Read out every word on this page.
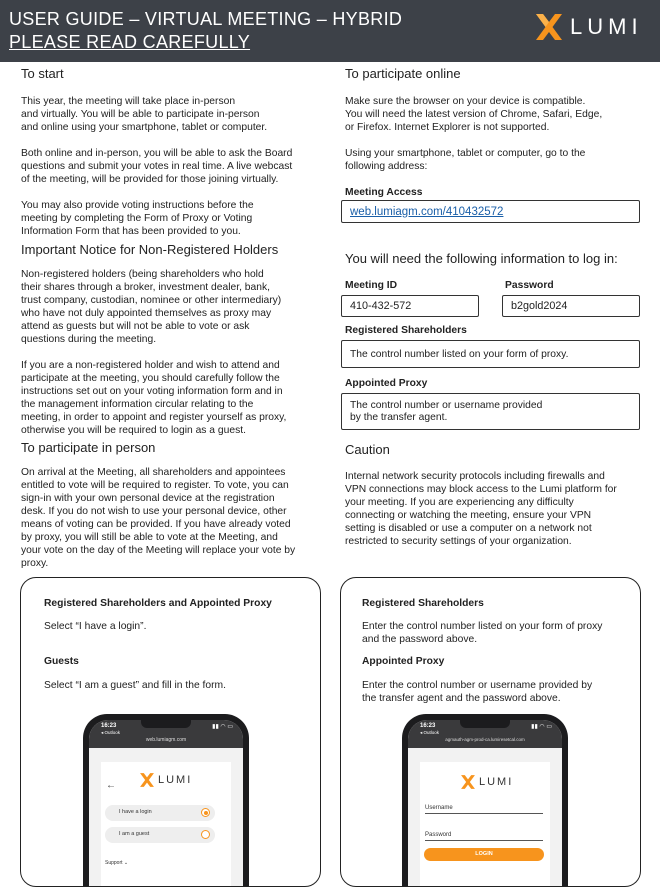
USER GUIDE – VIRTUAL MEETING – HYBRID
PLEASE READ CAREFULLY
LUMI
To start

This year, the meeting will take place in-person
and virtually. You will be able to participate in-person
and online using your smartphone, tablet or computer.

Both online and in-person, you will be able to ask the Board
questions and submit your votes in real time. A live webcast
of the meeting, will be provided for those joining virtually.

You may also provide voting instructions before the
meeting by completing the Form of Proxy or Voting
Information Form that has been provided to you.

Important Notice for Non-Registered Holders

Non-registered holders (being shareholders who hold
their shares through a broker, investment dealer, bank,
trust company, custodian, nominee or other intermediary)
who have not duly appointed themselves as proxy may
attend as guests but will not be able to vote or ask
questions during the meeting.

If you are a non-registered holder and wish to attend and
participate at the meeting, you should carefully follow the
instructions set out on your voting information form and in
the management information circular relating to the
meeting, in order to appoint and register yourself as proxy,
otherwise you will be required to login as a guest.

To participate in person

On arrival at the Meeting, all shareholders and appointees
entitled to vote will be required to register. To vote, you can
sign-in with your own personal device at the registration
desk. If you do not wish to use your personal device, other
means of voting can be provided. If you have already voted
by proxy, you will still be able to vote at the Meeting, and
your vote on the day of the Meeting will replace your vote by
proxy.

To participate online

Make sure the browser on your device is compatible.
You will need the latest version of Chrome, Safari, Edge,
or Firefox. Internet Explorer is not supported.

Using your smartphone, tablet or computer, go to the
following address:

Meeting Access
web.lumiagm.com/410432572
You will need the following information to log in:
Meeting ID
410-432-572
Password
b2gold2024
Registered Shareholders
The control number listed on your form of proxy.
Appointed Proxy
The control number or username provided
by the transfer agent.
Caution

Internal network security protocols including firewalls and
VPN connections may block access to the Lumi platform for
your meeting. If you are experiencing any difficulty
connecting or watching the meeting, ensure your VPN
setting is disabled or use a computer on a network not
restricted to security settings of your organization.

Registered Shareholders and Appointed Proxy
Select “I have a login”.
Guests
Select “I am a guest” and fill in the form.
16:23
◂ Outlook
▮▮ ◠ ▭
web.lumiagm.com
←	LUMI
I have a login
I am a guest
Support ⌄
Registered Shareholders
Enter the control number listed on your form of proxy
and the password above.
Appointed Proxy
Enter the control number or username provided by
the transfer agent and the password above.
16:23
◂ Outlook
▮▮ ◠ ▭
agmauth-agm-prod-ca.lumiresetcal.com
LUMI
Username
Password
LOGIN
